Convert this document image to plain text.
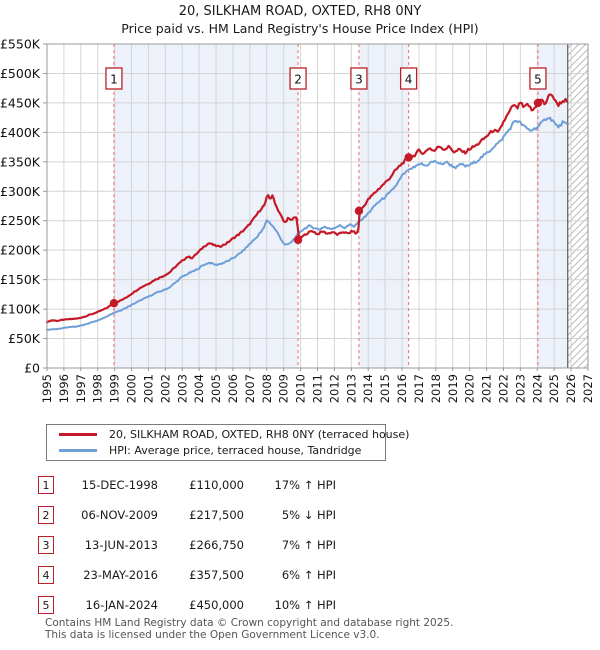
20, SILKHAM ROAD, OXTED, RH8 0NY
Price paid vs. HM Land Registry's House Price Index (HPI)
1	2	3	4	5
£0
£50K
£100K
£150K
£200K
£250K
£300K
£350K
£400K
£450K
£500K
£550K
1995 1996 1997 1998 1999 2000 2001 2002 2003 2004 2005 2006 2007 2008 2009 2010 2011 2012 2013 2014 2015 2016 2017 2018 2019 2020 2021 2022 2023 2024 2025 2026 2027
20, SILKHAM ROAD, OXTED, RH8 0NY (terraced house)
HPI: Average price, terraced house, Tandridge
1	15-DEC-1998	£110,000	17% ↑ HPI
2	06-NOV-2009	£217,500	5% ↓ HPI
3	13-JUN-2013	£266,750	7% ↑ HPI
4	23-MAY-2016	£357,500	6% ↑ HPI
5	16-JAN-2024	£450,000	10% ↑ HPI
Contains HM Land Registry data © Crown copyright and database right 2025.
This data is licensed under the Open Government Licence v3.0.
